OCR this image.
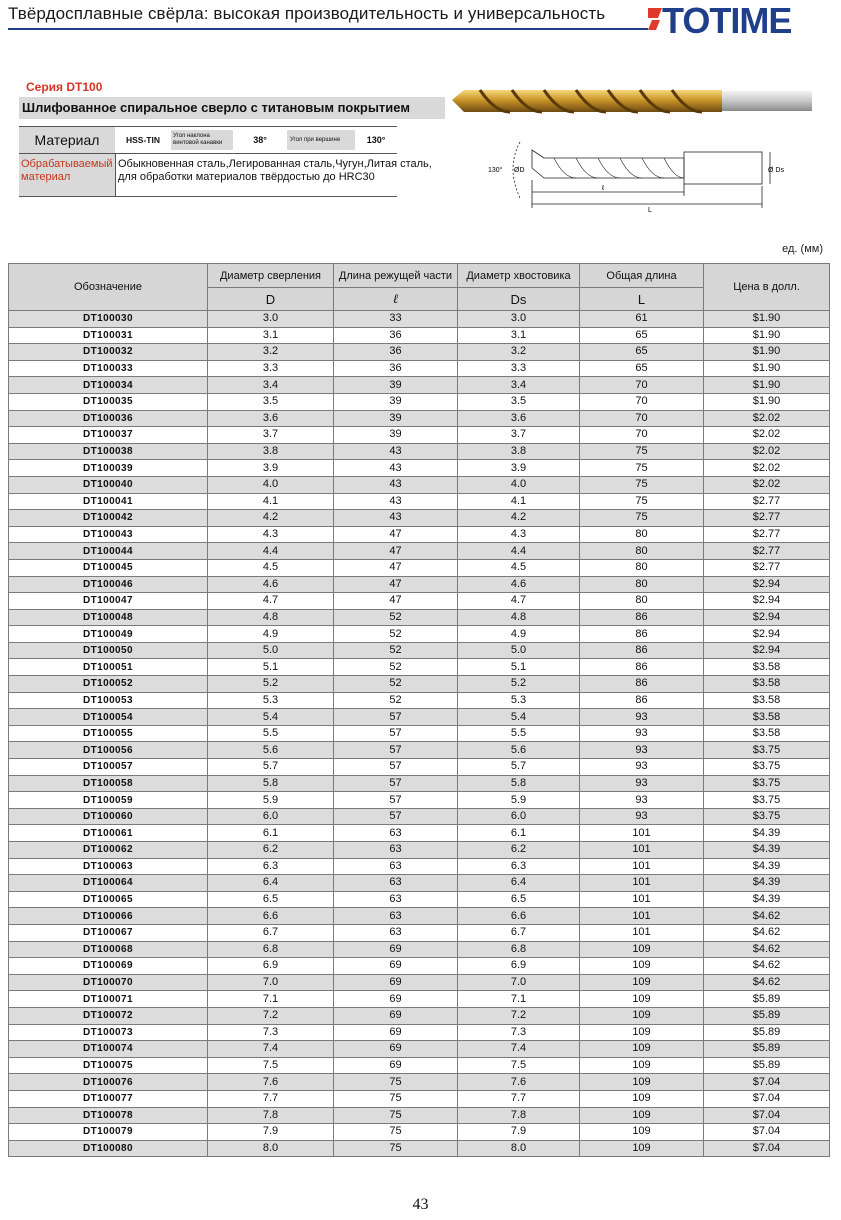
Твёрдосплавные свёрла: высокая производительность и универсальность TOTIME
Серия DT100
Шлифованное спиральное сверло с титановым покрытием
Материал	HSS-TIN	Угол наклона винтовой канавки	38°	Угол при вершине	130°
Обрабатываемый материал
Обыкновенная сталь,Легированная сталь,Чугун,Литая сталь,
для обработки материалов твёрдостью до HRC30
130° ØD	Ø Ds
ℓ
L
ед. (мм)
Обозначение	Диаметр сверления	Длина режущей части	Диаметр хвостовика	Общая длина	Цена в долл.
	D	ℓ	Ds	L	
DT100030	3.0	33	3.0	61	$1.90
DT100031	3.1	36	3.1	65	$1.90
DT100032	3.2	36	3.2	65	$1.90
DT100033	3.3	36	3.3	65	$1.90
DT100034	3.4	39	3.4	70	$1.90
DT100035	3.5	39	3.5	70	$1.90
DT100036	3.6	39	3.6	70	$2.02
DT100037	3.7	39	3.7	70	$2.02
DT100038	3.8	43	3.8	75	$2.02
DT100039	3.9	43	3.9	75	$2.02
DT100040	4.0	43	4.0	75	$2.02
DT100041	4.1	43	4.1	75	$2.77
DT100042	4.2	43	4.2	75	$2.77
DT100043	4.3	47	4.3	80	$2.77
DT100044	4.4	47	4.4	80	$2.77
DT100045	4.5	47	4.5	80	$2.77
DT100046	4.6	47	4.6	80	$2.94
DT100047	4.7	47	4.7	80	$2.94
DT100048	4.8	52	4.8	86	$2.94
DT100049	4.9	52	4.9	86	$2.94
DT100050	5.0	52	5.0	86	$2.94
DT100051	5.1	52	5.1	86	$3.58
DT100052	5.2	52	5.2	86	$3.58
DT100053	5.3	52	5.3	86	$3.58
DT100054	5.4	57	5.4	93	$3.58
DT100055	5.5	57	5.5	93	$3.58
DT100056	5.6	57	5.6	93	$3.75
DT100057	5.7	57	5.7	93	$3.75
DT100058	5.8	57	5.8	93	$3.75
DT100059	5.9	57	5.9	93	$3.75
DT100060	6.0	57	6.0	93	$3.75
DT100061	6.1	63	6.1	101	$4.39
DT100062	6.2	63	6.2	101	$4.39
DT100063	6.3	63	6.3	101	$4.39
DT100064	6.4	63	6.4	101	$4.39
DT100065	6.5	63	6.5	101	$4.39
DT100066	6.6	63	6.6	101	$4.62
DT100067	6.7	63	6.7	101	$4.62
DT100068	6.8	69	6.8	109	$4.62
DT100069	6.9	69	6.9	109	$4.62
DT100070	7.0	69	7.0	109	$4.62
DT100071	7.1	69	7.1	109	$5.89
DT100072	7.2	69	7.2	109	$5.89
DT100073	7.3	69	7.3	109	$5.89
DT100074	7.4	69	7.4	109	$5.89
DT100075	7.5	69	7.5	109	$5.89
DT100076	7.6	75	7.6	109	$7.04
DT100077	7.7	75	7.7	109	$7.04
DT100078	7.8	75	7.8	109	$7.04
DT100079	7.9	75	7.9	109	$7.04
DT100080	8.0	75	8.0	109	$7.04
43
